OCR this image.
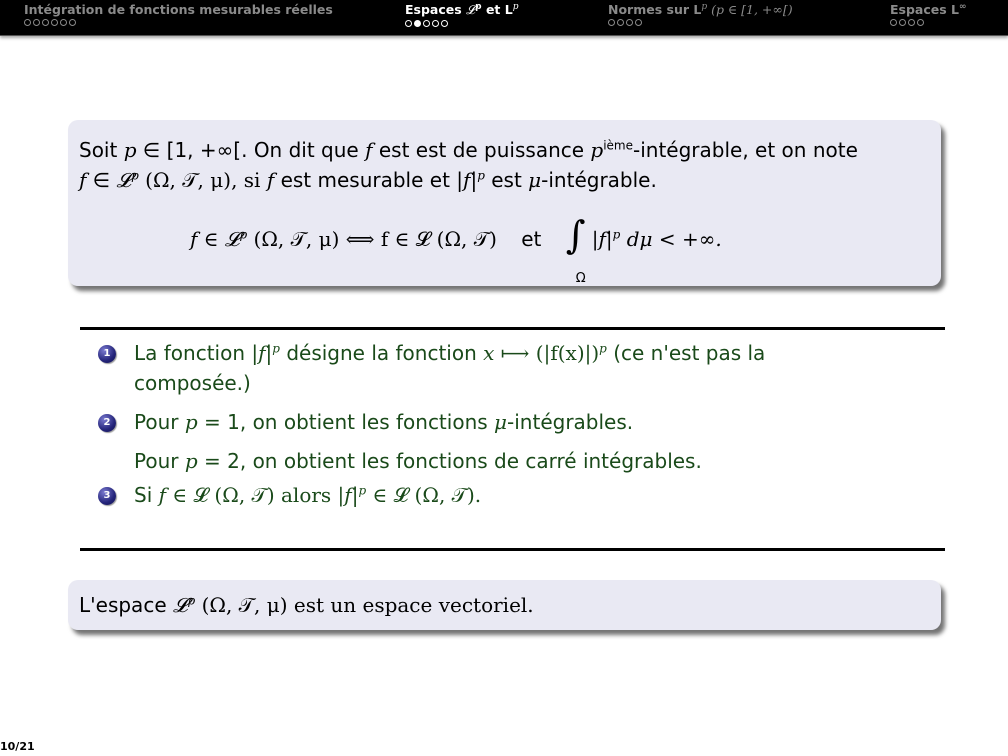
Intégration de fonctions mesurables réelles	Espaces 𝓛$^p$ et $L^p$	Normes sur $L^p$ (p ∈ [1, +∞[)	Espaces L∞
Soit p ∈ [1, +∞[. On dit que f est est de puissance $p^{ième}$-intégrable, et on note
f ∈ 𝓛$^p$ (Ω, 𝒯, μ), si f est mesurable et $|f|^p$ est μ-intégrable.
f ∈ 𝓛$^p$ (Ω, 𝒯, μ) ⟺ f ∈ 𝓛 (Ω, 𝒯) et ∫
Ω
$|f|^p$ dμ < +∞.
1 La fonction $|f|^p$ désigne la fonction x ⟼ $(|f(x)|)^p$ (ce n'est pas la
composée.)
2 Pour p = 1, on obtient les fonctions μ-intégrables.
Pour p = 2, on obtient les fonctions de carré intégrables.
3 Si f ∈ 𝓛 (Ω, 𝒯) alors $|f|^p$ ∈ 𝓛 (Ω, 𝒯).
L'espace 𝓛$^p$ (Ω, 𝒯, μ) est un espace vectoriel.
10/21
